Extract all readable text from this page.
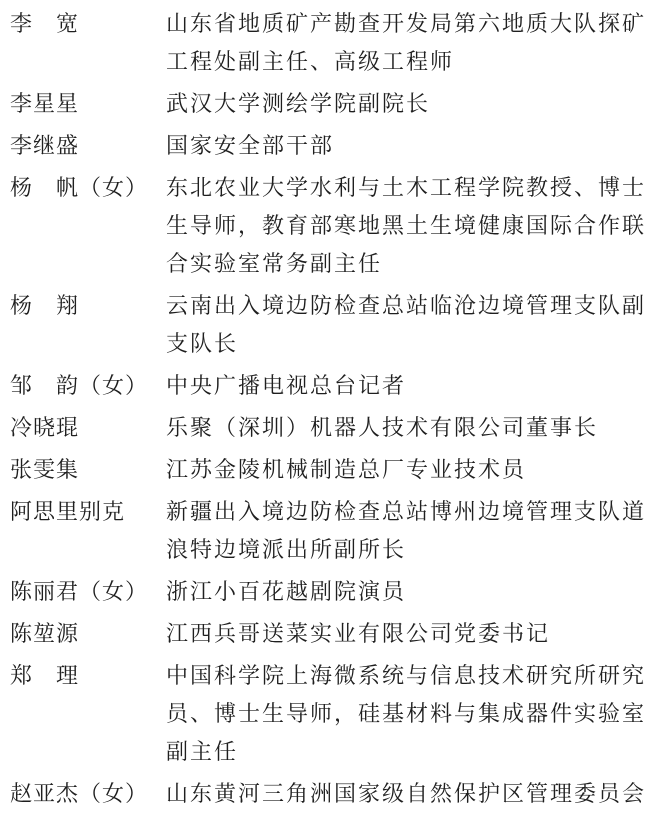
李　宽	山东省地质矿产勘查开发局第六地质大队探矿
工程处副主任、高级工程师
李星星	武汉大学测绘学院副院长
李继盛	国家安全部干部
杨　帆（女） 东北农业大学水利与土木工程学院教授、博士
生导师，教育部寒地黑土生境健康国际合作联
合实验室常务副主任
杨　翔	云南出入境边防检查总站临沧边境管理支队副
支队长
邹　韵（女） 中央广播电视总台记者
冷晓琨	乐聚（深圳）机器人技术有限公司董事长
张雯集	江苏金陵机械制造总厂专业技术员
阿思里别克	新疆出入境边防检查总站博州边境管理支队道
浪特边境派出所副所长
陈丽君（女） 浙江小百花越剧院演员
陈堃源	江西兵哥送菜实业有限公司党委书记
郑　理	中国科学院上海微系统与信息技术研究所研究
员、博士生导师，硅基材料与集成器件实验室
副主任
赵亚杰（女） 山东黄河三角洲国家级自然保护区管理委员会
